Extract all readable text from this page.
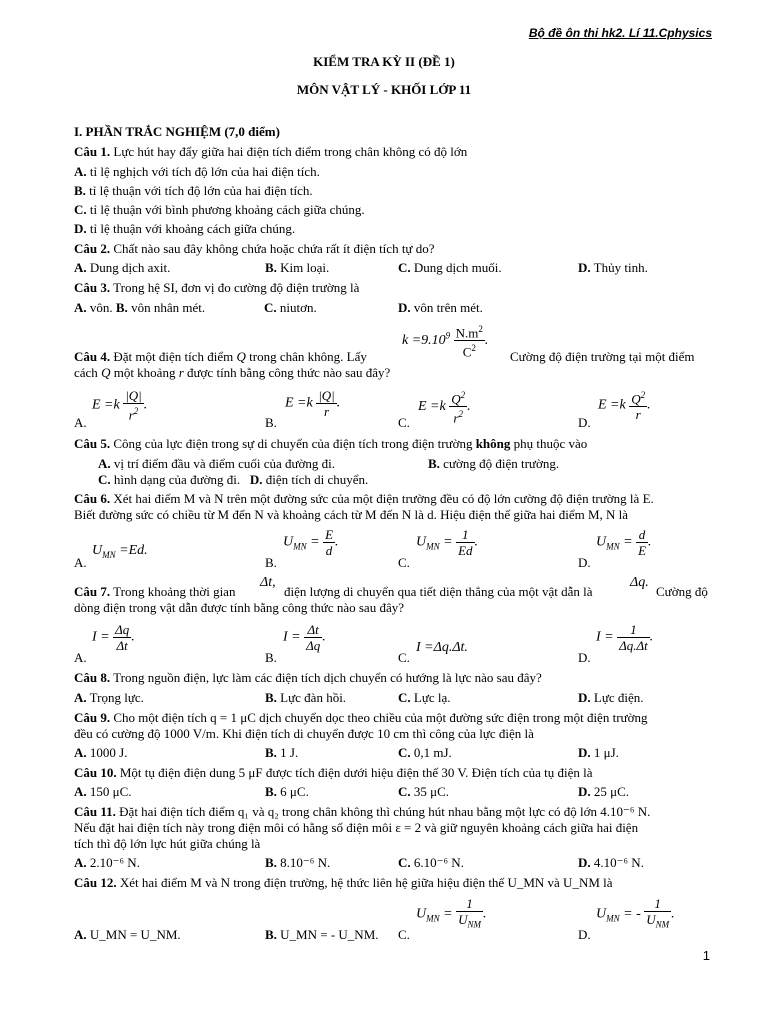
Bộ đề ôn thi hk2. Lí 11.Cphysics
KIỂM TRA KỲ II (ĐỀ 1)
MÔN VẬT LÝ - KHỐI LỚP 11
I. PHẦN TRẮC NGHIỆM (7,0 điểm)
Câu 1. Lực hút hay đẩy giữa hai điện tích điểm trong chân không có độ lớn
A. tỉ lệ nghịch với tích độ lớn của hai điện tích.
B. tỉ lệ thuận với tích độ lớn của hai điện tích.
C. tỉ lệ thuận với bình phương khoảng cách giữa chúng.
D. tỉ lệ thuận với khoảng cách giữa chúng.
Câu 2. Chất nào sau đây không chứa hoặc chứa rất ít điện tích tự do?
A. Dung dịch axit.	B. Kim loại.	C. Dung dịch muối.	D. Thủy tinh.
Câu 3. Trong hệ SI, đơn vị đo cường độ điện trường là
A. vôn. B. vôn nhân mét.	C. niutơn.	D. vôn trên mét.
$k =9.10^9 \frac{N.m^2}{C^2}$ .
Câu 4. Đặt một điện tích điểm Q trong chân không. Lấy	Cường độ điện trường tại một điểm
cách Q một khoảng r được tính bằng công thức nào sau đây?
A.
$E =k \frac{|Q|}{r^2}$ .
B.
$E =k \frac{|Q|}{r}$ .
C.
$E =k \frac{Q^2}{r^2}$ .
D.
$E =k \frac{Q^2}{r}$ .
Câu 5. Công của lực điện trong sự di chuyển của điện tích trong điện trường không phụ thuộc vào
A. vị trí điểm đầu và điểm cuối của đường đi.	B. cường độ điện trường.
C. hình dạng của đường đi. D. điện tích di chuyển.
Câu 6. Xét hai điểm M và N trên một đường sức của một điện trường đều có độ lớn cường độ điện trường là E.
Biết đường sức có chiều từ M đến N và khoảng cách từ M đến N là d. Hiệu điện thế giữa hai điểm M, N là
A.
$U_{MN} =Ed$.
B.
$U_{MN} = \frac{E}{d}$ .
C.
$U_{MN} = \frac{1}{Ed}$ .
D.
$U_{MN} = \frac{d}{E}$ .
Câu 7. Trong khoảng thời gian
Δt,
điện lượng di chuyển qua tiết diện thẳng của một vật dẫn là
Δq.
Cường độ
dòng điện trong vật dẫn được tính bằng công thức nào sau đây?
A.
$I = \frac{\Delta q}{\Delta t}$ .
B.
$I = \frac{\Delta t}{\Delta q}$ .
C.
I =Δq.Δt.
D.
$I = \frac{1}{\Delta q.\Delta t}$ .
Câu 8. Trong nguồn điện, lực làm các điện tích dịch chuyển có hướng là lực nào sau đây?
A. Trọng lực.	B. Lực đàn hồi.	C. Lực lạ.	D. Lực điện.
Câu 9. Cho một điện tích q = 1 μC dịch chuyển dọc theo chiều của một đường sức điện trong một điện trường
đều có cường độ 1000 V/m. Khi điện tích di chuyển được 10 cm thì công của lực điện là
A. 1000 J.	B. 1 J.	C. 0,1 mJ.	D. 1 μJ.
Câu 10. Một tụ điện điện dung 5 μF được tích điện dưới hiệu điện thế 30 V. Điện tích của tụ điện là
A. 150 μC.	B. 6 μC.	C. 35 μC.	D. 25 μC.
Câu 11. Đặt hai điện tích điểm q₁ và q₂ trong chân không thì chúng hút nhau bằng một lực có độ lớn 4.10⁻⁶ N.
Nếu đặt hai điện tích này trong điện môi có hằng số điện môi ε = 2 và giữ nguyên khoảng cách giữa hai điện
tích thì độ lớn lực hút giữa chúng là
A. 2.10⁻⁶ N.	B. 8.10⁻⁶ N.	C. 6.10⁻⁶ N.	D. 4.10⁻⁶ N.
Câu 12. Xét hai điểm M và N trong điện trường, hệ thức liên hệ giữa hiệu điện thế U_MN và U_NM là
A. U_MN = U_NM.	B. U_MN = - U_NM. C.
$U_{MN} = \frac{1}{U_{NM}}$ .
D.
$U_{MN}$ = - $\frac{1}{U_{NM}}$ .
1
